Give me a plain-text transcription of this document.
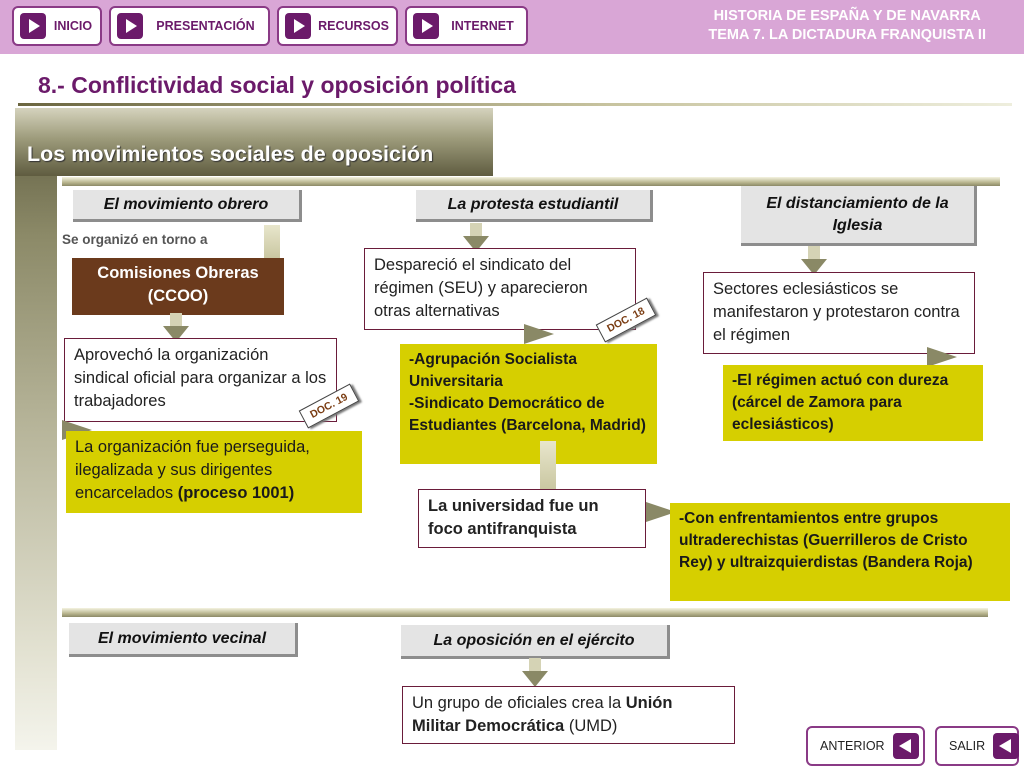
INICIO	PRESENTACIÓN	RECURSOS	INTERNET
HISTORIA DE ESPAÑA Y DE NAVARRA
TEMA 7. LA DICTADURA FRANQUISTA II
8.- Conflictividad social y oposición política
Los movimientos sociales de oposición
El movimiento obrero	La protesta estudiantil	El distanciamiento de la Iglesia
Se organizó en torno a
Comisiones Obreras
(CCOO)
Aprovechó la organización sindical oficial para organizar a los trabajadores	DOC. 19
La organización fue perseguida, ilegalizada y sus dirigentes encarcelados (proceso 1001)
Despareció el sindicato del régimen (SEU) y aparecieron otras alternativas	DOC. 18
-Agrupación Socialista Universitaria
-Sindicato Democrático de Estudiantes (Barcelona, Madrid)
La universidad fue un foco antifranquista
-Con enfrentamientos entre grupos ultraderechistas (Guerrilleros de Cristo Rey) y ultraizquierdistas (Bandera Roja)
Sectores eclesiásticos se manifestaron y protestaron contra el régimen
-El régimen actuó con dureza (cárcel de Zamora para eclesiásticos)
El movimiento vecinal	La oposición en el ejército
Un grupo de oficiales crea la Unión Militar Democrática (UMD)
ANTERIOR	SALIR
